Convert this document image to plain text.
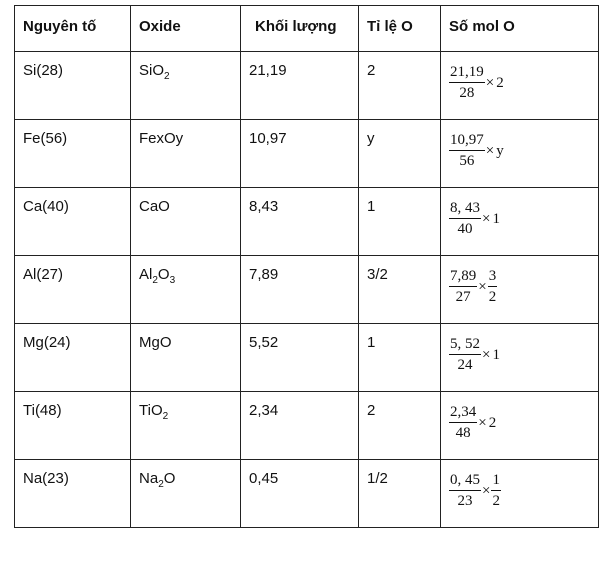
Nguyên tố	Oxide	Khối lượng	Tỉ lệ O	Số mol O
Si(28)	SiO$_2$	21,19	2	$\frac{21,19}{28} \times 2$

Fe(56)	FexOy	10,97	y	$\frac{10,97}{56} \times y$

Ca(40)	CaO	8,43	1	$\frac{8, 43}{40} \times 1$

Al(27)	$Al_2O_3$	7,89	3/2	$\frac{7,89}{27} \times \frac{3}{2}$

Mg(24)	MgO	5,52	1	$\frac{5, 52}{24} \times 1$

Ti(48)	TiO$_2$	2,34	2	$\frac{2,34}{48} \times 2$

Na(23)	$Na_2O$	0,45	1/2	$\frac{0, 45}{23} \times \frac{1}{2}$
